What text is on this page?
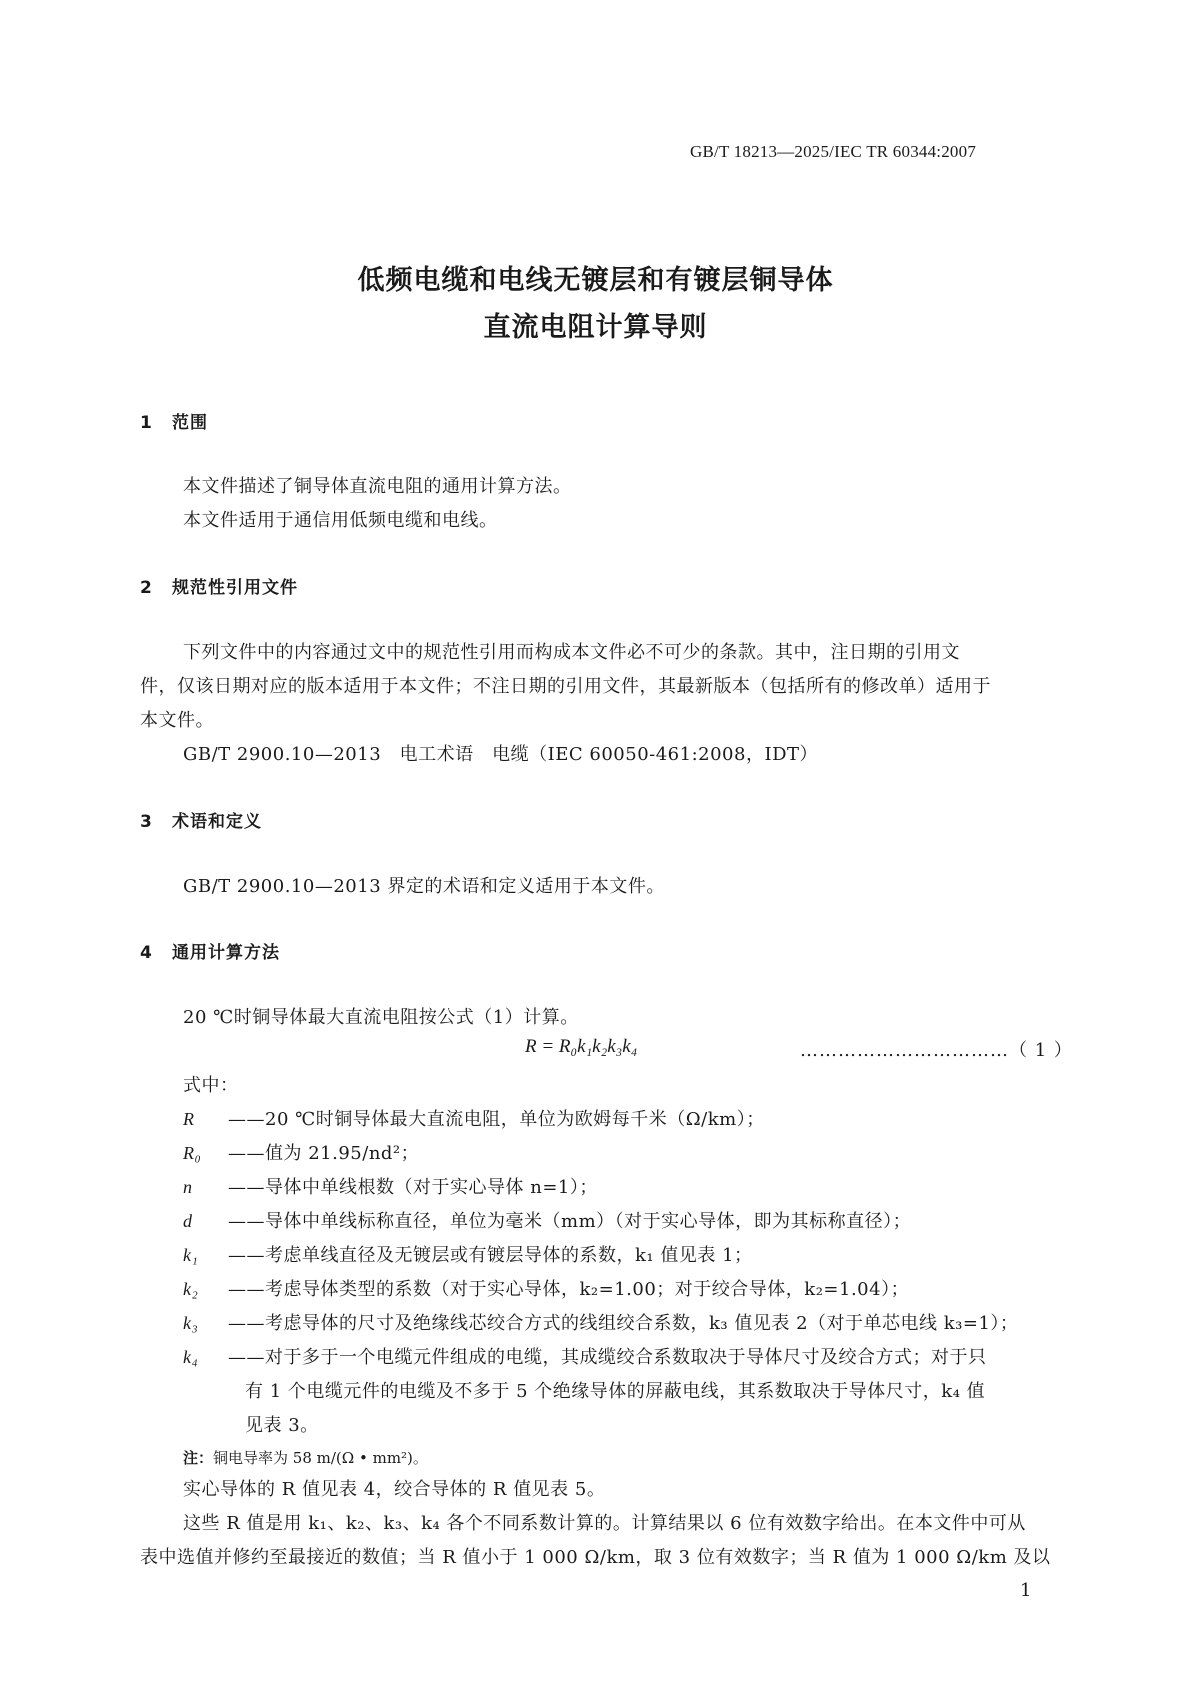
GB/T 18213—2025/IEC TR 60344:2007
低频电缆和电线无镀层和有镀层铜导体
直流电阻计算导则
1 范围
本文件描述了铜导体直流电阻的通用计算方法。
本文件适用于通信用低频电缆和电线。
2 规范性引用文件
下列文件中的内容通过文中的规范性引用而构成本文件必不可少的条款。其中，注日期的引用文
件，仅该日期对应的版本适用于本文件；不注日期的引用文件，其最新版本（包括所有的修改单）适用于
本文件。
GB/T 2900.10—2013　电工术语　电缆（IEC 60050-461:2008，IDT）
3 术语和定义
GB/T 2900.10—2013 界定的术语和定义适用于本文件。
4 通用计算方法
20 ℃时铜导体最大直流电阻按公式（1）计算。
R = R₀k₁k₂k₃k₄	……………………………（ 1 ）
式中：
R ——20 ℃时铜导体最大直流电阻，单位为欧姆每千米（Ω/km）；
R₀ ——值为 21.95/nd²；
n ——导体中单线根数（对于实心导体 n=1）；
d ——导体中单线标称直径，单位为毫米（mm）（对于实心导体，即为其标称直径）；
k₁ ——考虑单线直径及无镀层或有镀层导体的系数，k₁ 值见表 1；
k₂ ——考虑导体类型的系数（对于实心导体，k₂=1.00；对于绞合导体，k₂=1.04）；
k₃ ——考虑导体的尺寸及绝缘线芯绞合方式的线组绞合系数，k₃ 值见表 2（对于单芯电线 k₃=1）；
k₄ ——对于多于一个电缆元件组成的电缆，其成缆绞合系数取决于导体尺寸及绞合方式；对于只
有 1 个电缆元件的电缆及不多于 5 个绝缘导体的屏蔽电线，其系数取决于导体尺寸，k₄ 值
见表 3。
注：铜电导率为 58 m/(Ω • mm²)。
实心导体的 R 值见表 4，绞合导体的 R 值见表 5。
这些 R 值是用 k₁、k₂、k₃、k₄ 各个不同系数计算的。计算结果以 6 位有效数字给出。在本文件中可从
表中选值并修约至最接近的数值；当 R 值小于 1 000 Ω/km，取 3 位有效数字；当 R 值为 1 000 Ω/km 及以
1
